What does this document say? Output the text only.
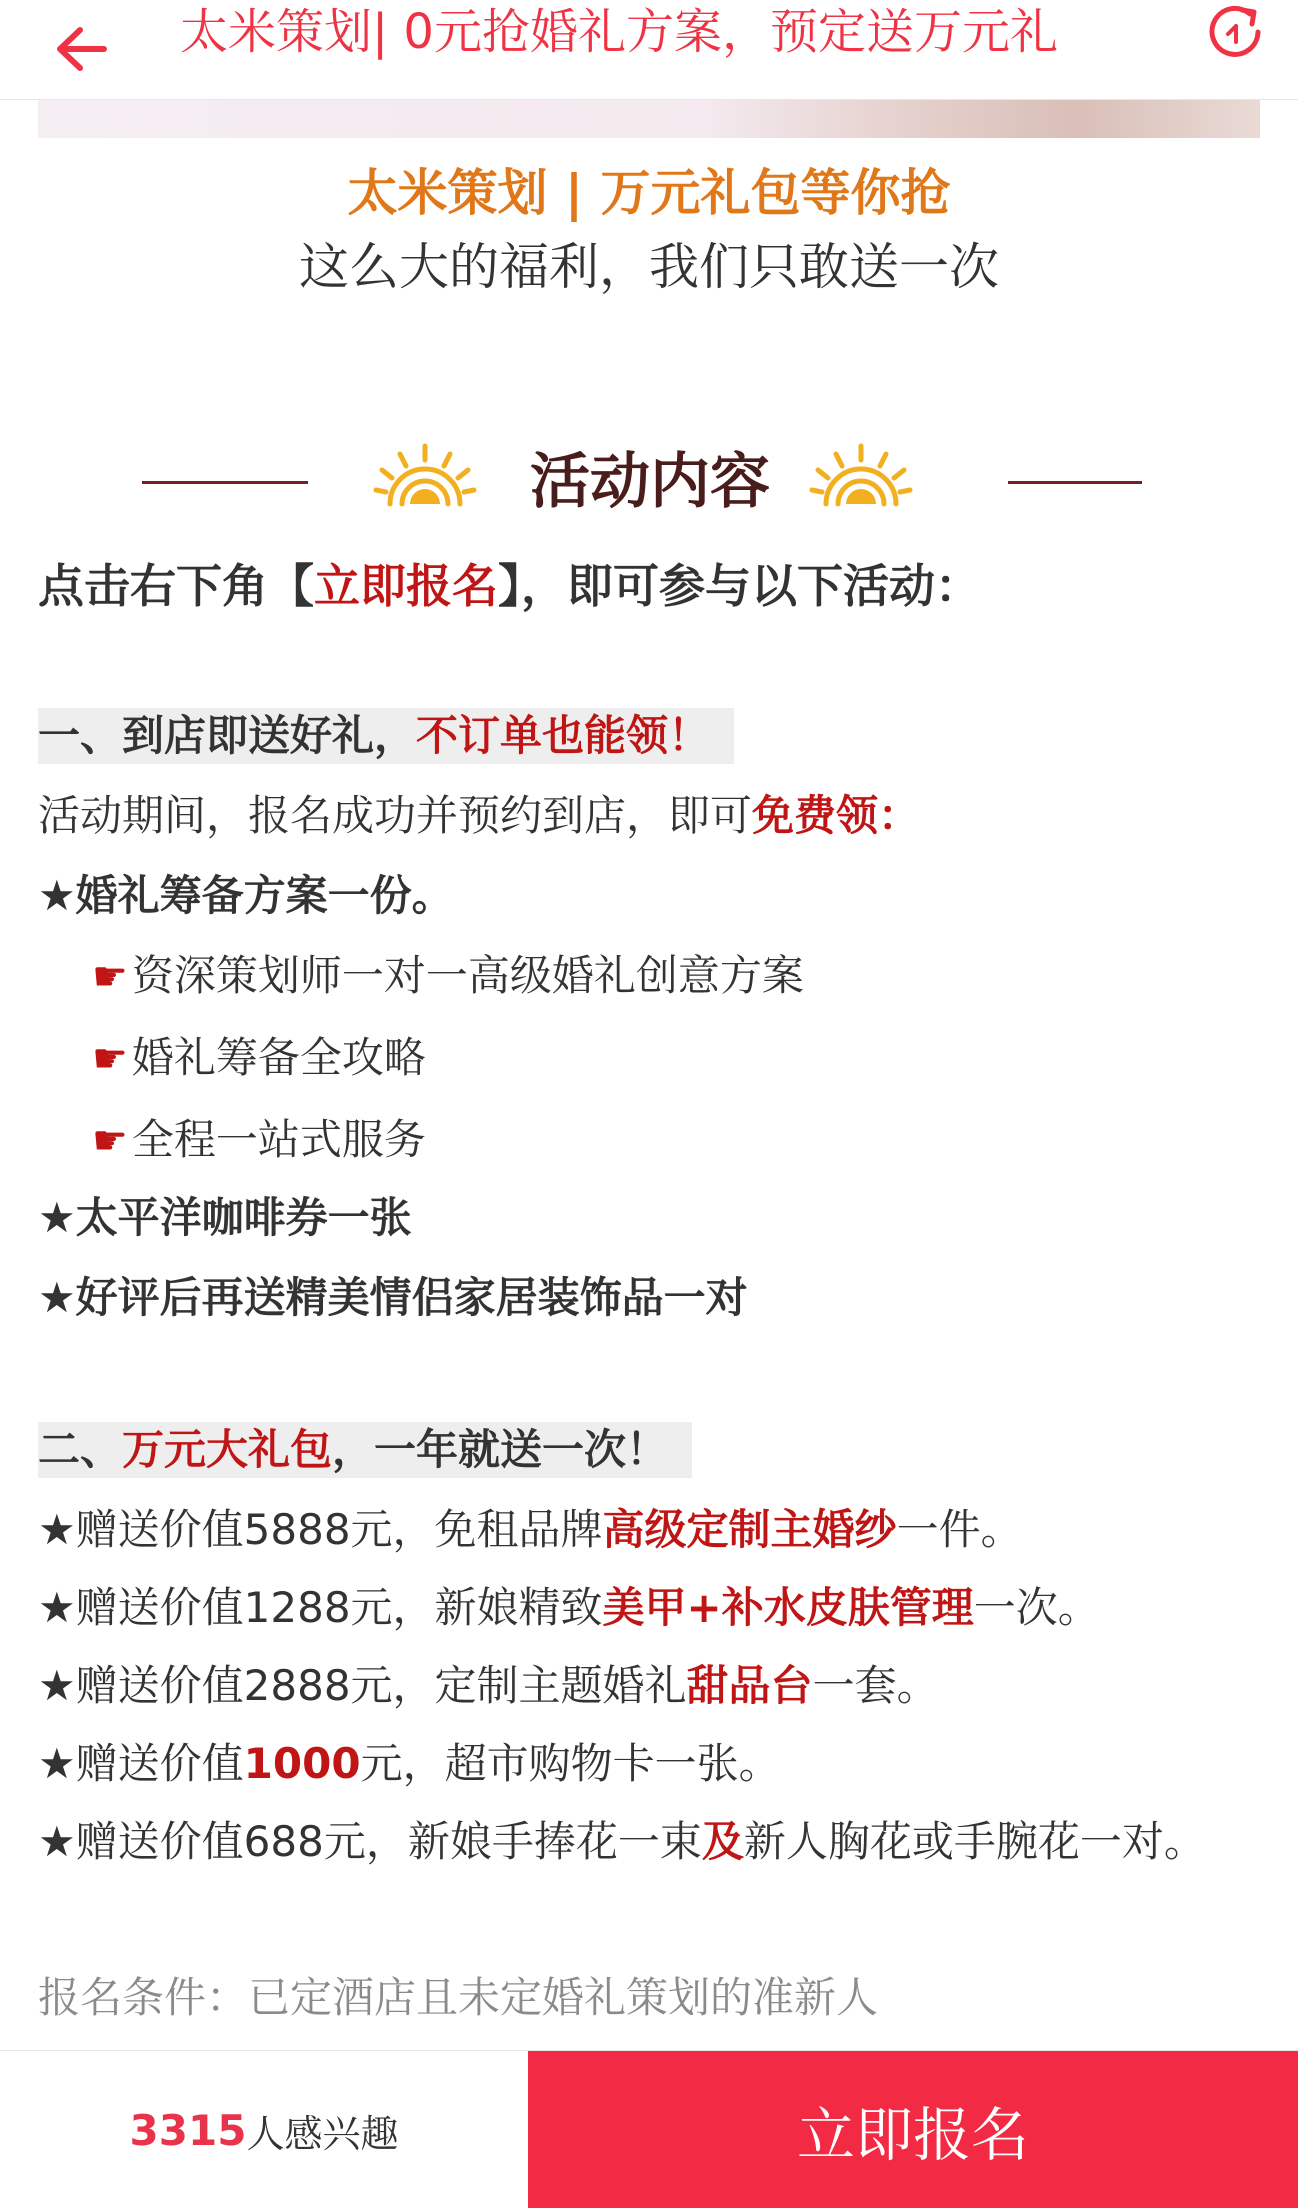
太米策划| 0元抢婚礼方案，预定送万元礼
太米策划 | 万元礼包等你抢
这么大的福利，我们只敢送一次
活动内容
点击右下角【立即报名】，即可参与以下活动：
一、到店即送好礼，不订单也能领！
活动期间，报名成功并预约到店，即可免费领：
★婚礼筹备方案一份。
☛资深策划师一对一高级婚礼创意方案
☛婚礼筹备全攻略
☛全程一站式服务
★太平洋咖啡券一张
★好评后再送精美情侣家居装饰品一对
二、万元大礼包，一年就送一次！
★赠送价值5888元，免租品牌高级定制主婚纱一件。
★赠送价值1288元，新娘精致美甲+补水皮肤管理一次。
★赠送价值2888元，定制主题婚礼甜品台一套。
★赠送价值1000元，超市购物卡一张。
★赠送价值688元，新娘手捧花一束及新人胸花或手腕花一对。
报名条件：已定酒店且未定婚礼策划的准新人
3315 人感兴趣	立即报名
